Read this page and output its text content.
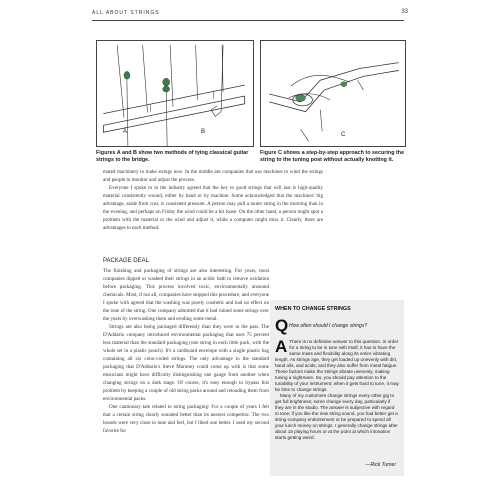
ALL ABOUT STRINGS	33
A	B	C
Figures A and B show two methods of tying classical guitar strings to the bridge.
Figure C shows a step-by-step approach to securing the string to the tuning post without actually knotting it.

mated machinery to make strings now. In the middle are companies that use machines to wind the strings and people to monitor and adjust the process.

Everyone I spoke to in the industry agreed that the key to good strings that will last is high-quality material consistently wound, either by hand or by machine. Some acknowledged that the machines' big advantage, aside from cost, is consistent pressure. A person may pull a tauter string in the morning than in the evening, and perhaps on Friday the wind could be a bit loose. On the other hand, a person might spot a problem with the material or the wind and adjust it, while a computer might miss it. Clearly, there are advantages to each method.

PACKAGE DEAL

The finishing and packaging of strings are also interesting. For years, most companies dipped or washed their strings in an acidic bath to remove oxidation before packaging. This process involved toxic, environmentally unsound chemicals. Most, if not all, companies have stopped this procedure, and everyone I spoke with agreed that the washing was purely cosmetic and had no effect on the tone of the string. One company admitted that it had ruined some strings over the years by overwashing them and eroding some metal.

Strings are also being packaged differently than they were in the past. The D'Addario company introduced environmental packaging that uses 75 percent less material than the standard packaging (one string in each little pack, with the whole set in a plastic pouch). It's a cardboard envelope with a single plastic bag containing all six color-coded strings. The only advantage to the standard packaging that D'Addario's Steve Maroney could come up with is that some musicians might have difficulty distinguishing one gauge from another when changing strings on a dark stage. Of course, it's easy enough to bypass this problem by keeping a couple of old string packs around and reloading them from environmental packs.

One cautionary tale related to string packaging: For a couple of years I felt that a certain string clearly sounded better than its nearest competitor. The two brands were very close in tune and feel, but I liked one better. I used my second favorite for

WHEN TO CHANGE STRINGS
Q How often should I change strings?
A There is no definitive answer to this question. In order for a string to be in tune with itself, it has to have the same mass and flexibility along its entire vibrating length. As strings age, they get loaded up unevenly with dirt, hand oils, and acids, and they also suffer from metal fatigue. These factors make the strings vibrate unevenly, making tuning a nightmare. So, you should pay attention to the tunability of your instrument; when it gets hard to tune, it may be time to change strings.

Many of my customers change strings every other gig to get full brightness; some change every day, particularly if they are in the studio. The answer is subjective with regard to tone; if you like the new string sound, you had better get a string-company endorsement or be prepared to spend all your lunch money on strings. I generally change strings after about 15 playing hours or at the point at which intonation starts getting weird.

—Rick Turner
